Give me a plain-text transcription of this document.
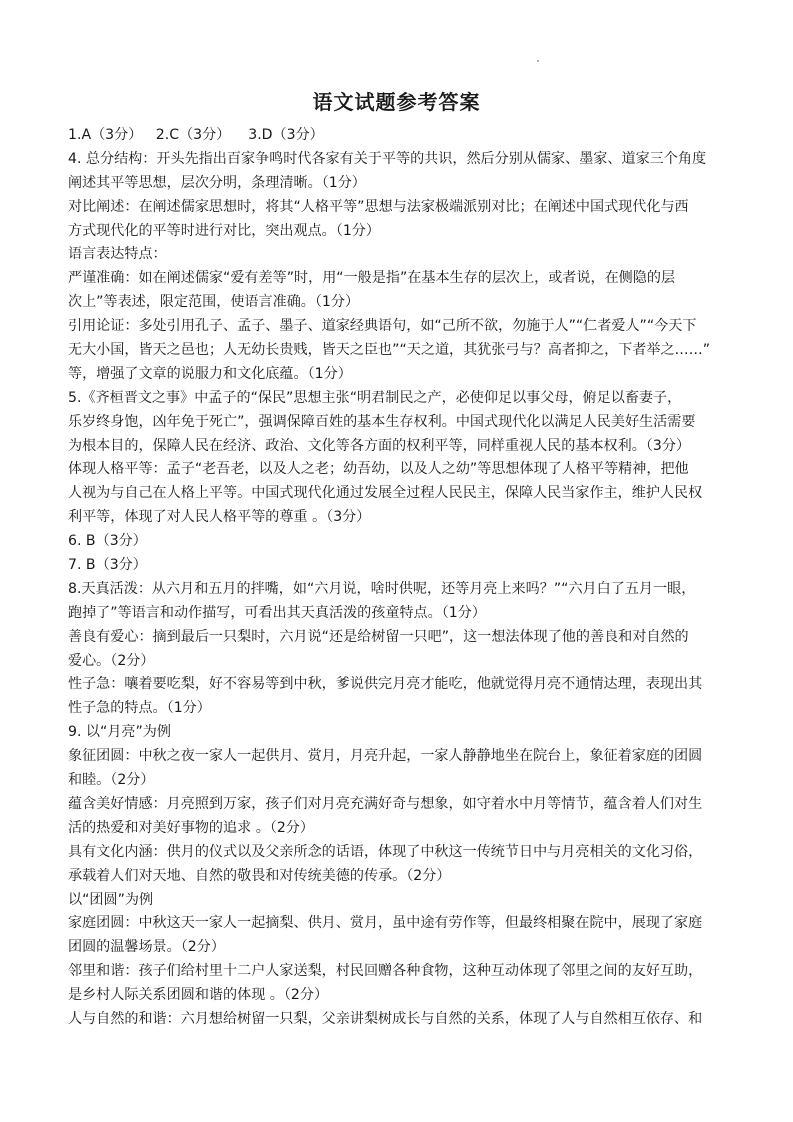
语文试题参考答案
1.A（3分）   2.C（3分）    3.D（3分）
4. 总分结构：开头先指出百家争鸣时代各家有关于平等的共识，然后分别从儒家、墨家、道家三个角度
阐述其平等思想，层次分明，条理清晰。（1分）
对比阐述：在阐述儒家思想时，将其“人格平等”思想与法家极端派别对比；在阐述中国式现代化与西
方式现代化的平等时进行对比，突出观点。（1分）
语言表达特点：
严谨准确：如在阐述儒家“爱有差等”时，用“一般是指”在基本生存的层次上，或者说，在侧隐的层
次上”等表述，限定范围，使语言准确。（1分）
引用论证：多处引用孔子、孟子、墨子、道家经典语句，如“己所不欲，勿施于人”“仁者爱人”“今天下
无大小国，皆天之邑也；人无幼长贵贱，皆天之臣也”“天之道，其犹张弓与？高者抑之，下者举之……”
等，增强了文章的说服力和文化底蕴。（1分）
5.《齐桓晋文之事》中孟子的“保民”思想主张“明君制民之产，必使仰足以事父母，俯足以畜妻子，
乐岁终身饱，凶年免于死亡”，强调保障百姓的基本生存权利。中国式现代化以满足人民美好生活需要
为根本目的，保障人民在经济、政治、文化等各方面的权利平等，同样重视人民的基本权利。（3分）
体现人格平等：孟子“老吾老，以及人之老；幼吾幼，以及人之幼”等思想体现了人格平等精神，把他
人视为与自己在人格上平等。中国式现代化通过发展全过程人民民主，保障人民当家作主，维护人民权
利平等，体现了对人民人格平等的尊重 。（3分）
6. B（3分）
7. B（3分）
8.天真活泼：从六月和五月的拌嘴，如“六月说，啥时供呢，还等月亮上来吗？”“六月白了五月一眼，
跑掉了”等语言和动作描写，可看出其天真活泼的孩童特点。（1分）
善良有爱心：摘到最后一只梨时，六月说“还是给树留一只吧”，这一想法体现了他的善良和对自然的
爱心。（2分）
性子急：嚷着要吃梨，好不容易等到中秋，爹说供完月亮才能吃，他就觉得月亮不通情达理，表现出其
性子急的特点。（1分）
9. 以“月亮”为例
象征团圆：中秋之夜一家人一起供月、赏月，月亮升起，一家人静静地坐在院台上，象征着家庭的团圆
和睦。（2分）
蕴含美好情感：月亮照到万家，孩子们对月亮充满好奇与想象，如守着水中月等情节，蕴含着人们对生
活的热爱和对美好事物的追求 。（2分）
具有文化内涵：供月的仪式以及父亲所念的话语，体现了中秋这一传统节日中与月亮相关的文化习俗，
承载着人们对天地、自然的敬畏和对传统美德的传承。（2分）
以“团圆”为例
家庭团圆：中秋这天一家人一起摘梨、供月、赏月，虽中途有劳作等，但最终相聚在院中，展现了家庭
团圆的温馨场景。（2分）
邻里和谐：孩子们给村里十二户人家送梨，村民回赠各种食物，这种互动体现了邻里之间的友好互助，
是乡村人际关系团圆和谐的体现 。（2分）
人与自然的和谐：六月想给树留一只梨，父亲讲梨树成长与自然的关系，体现了人与自然相互依存、和
